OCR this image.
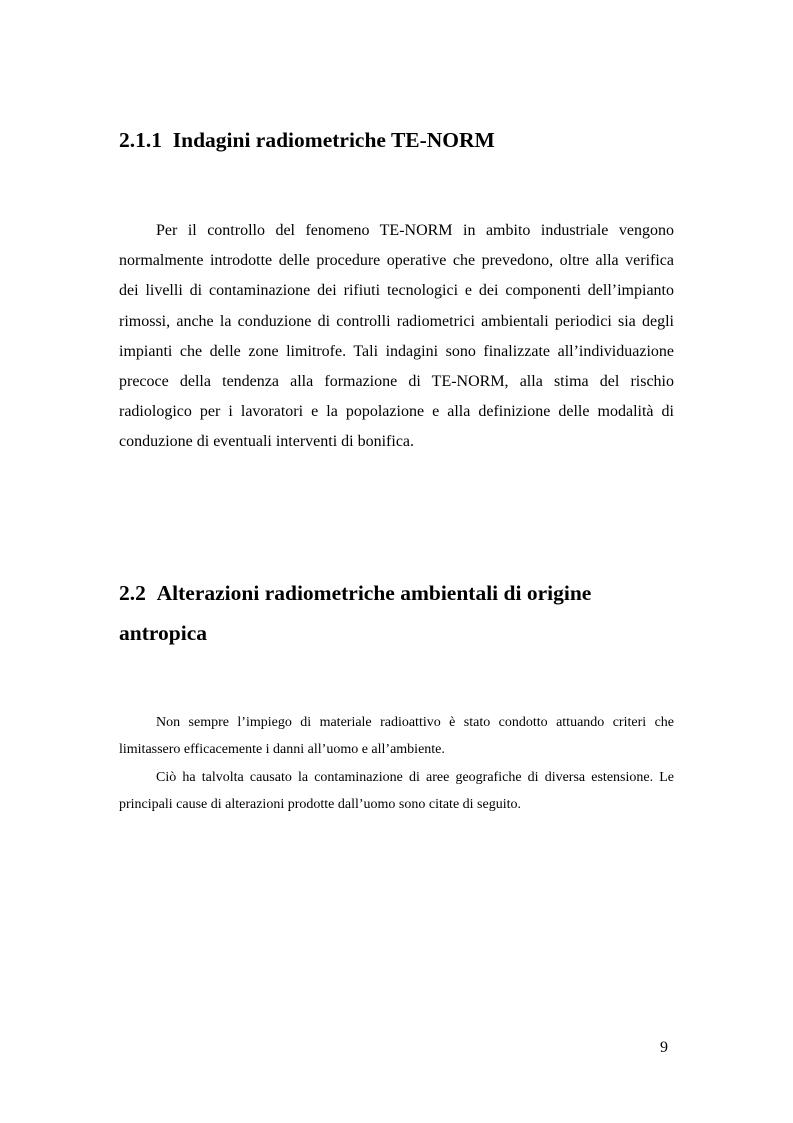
2.1.1 Indagini radiometriche TE-NORM

Per il controllo del fenomeno TE-NORM in ambito industriale vengono normalmente introdotte delle procedure operative che prevedono, oltre alla verifica dei livelli di contaminazione dei rifiuti tecnologici e dei componenti dell’impianto rimossi, anche la conduzione di controlli radiometrici ambientali periodici sia degli impianti che delle zone limitrofe. Tali indagini sono finalizzate all’individuazione precoce della tendenza alla formazione di TE-NORM, alla stima del rischio radiologico per i lavoratori e la popolazione e alla definizione delle modalità di conduzione di eventuali interventi di bonifica.

2.2 Alterazioni radiometriche ambientali di origine antropica

Non sempre l’impiego di materiale radioattivo è stato condotto attuando criteri che limitassero efficacemente i danni all’uomo e all’ambiente.

Ciò ha talvolta causato la contaminazione di aree geografiche di diversa estensione. Le principali cause di alterazioni prodotte dall’uomo sono citate di seguito.

9
